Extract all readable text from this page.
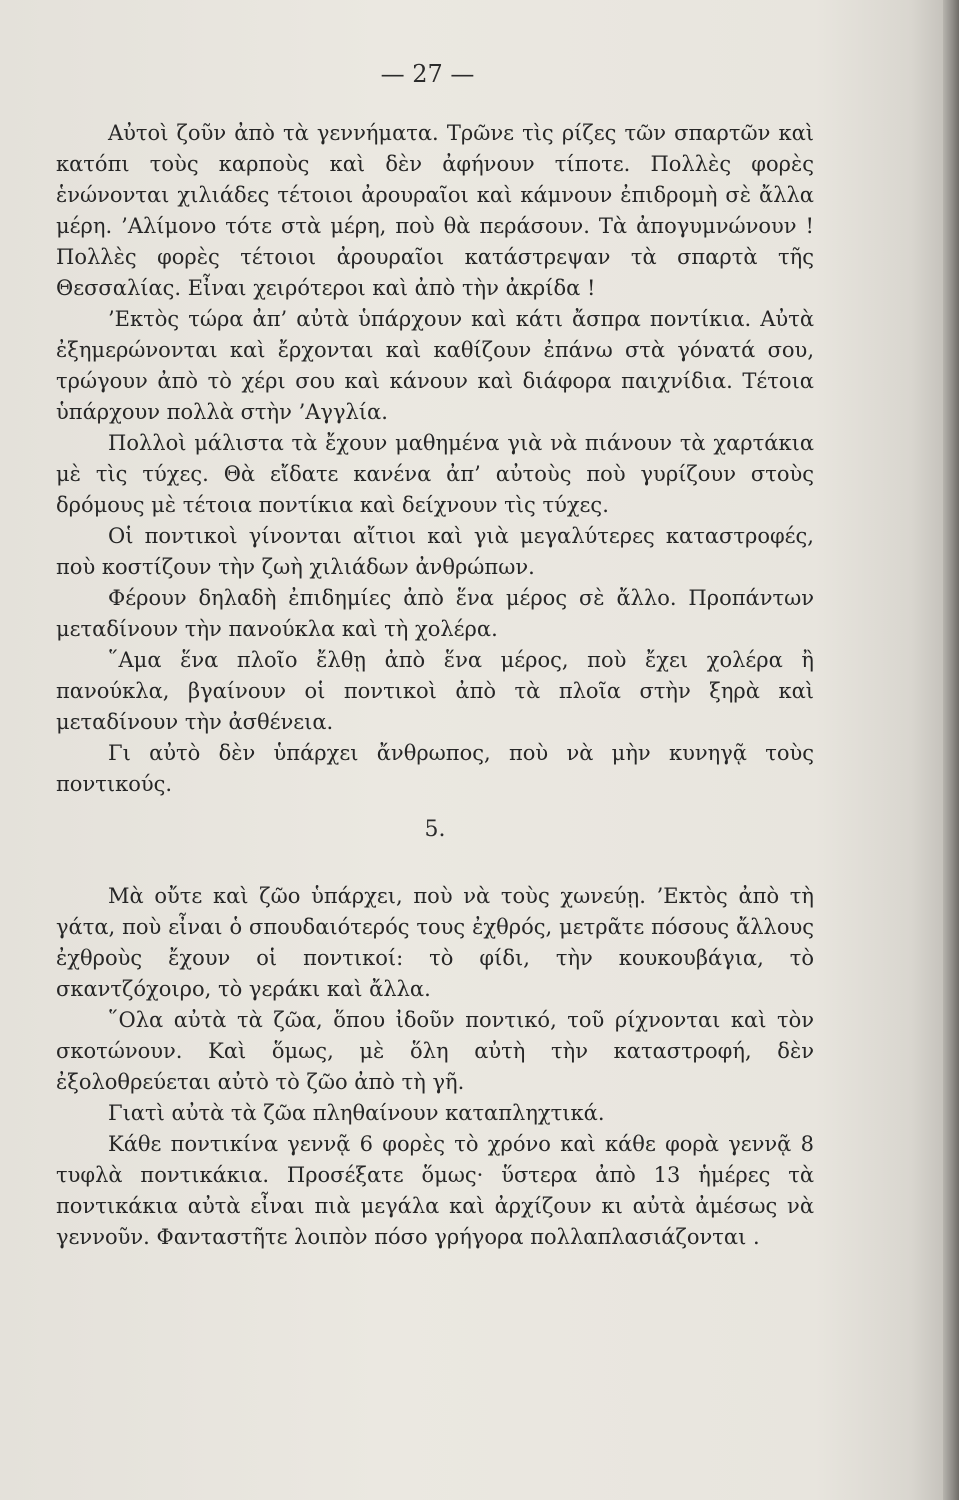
— 27 —

Αὐτοὶ ζοῦν ἀπὸ τὰ γεννήματα. Τρῶνε τὶς ρίζες τῶν σπαρτῶν καὶ κατόπι τοὺς καρποὺς καὶ δὲν ἀφήνουν τίποτε. Πολλὲς φορὲς ἑνώνονται χιλιάδες τέτοιοι ἀρουραῖοι καὶ κάμνουν ἐπιδρομὴ σὲ ἄλλα μέρη. ’Αλίμονο τότε στὰ μέρη, ποὺ θὰ περάσουν. Τὰ ἀπογυμνώνουν ! Πολλὲς φορὲς τέτοιοι ἀρουραῖοι κατάστρεψαν τὰ σπαρτὰ τῆς Θεσσαλίας. Εἶναι χειρότεροι καὶ ἀπὸ τὴν ἀκρίδα !

’Εκτὸς τώρα ἀπ’ αὐτὰ ὑπάρχουν καὶ κάτι ἄσπρα ποντίκια. Αὐτὰ ἐξημερώνονται καὶ ἔρχονται καὶ καθίζουν ἐπάνω στὰ γόνατά σου, τρώγουν ἀπὸ τὸ χέρι σου καὶ κάνουν καὶ διάφορα παιχνίδια. Τέτοια ὑπάρχουν πολλὰ στὴν ’Αγγλία.

Πολλοὶ μάλιστα τὰ ἔχουν μαθημένα γιὰ νὰ πιάνουν τὰ χαρτάκια μὲ τὶς τύχες. Θὰ εἴδατε κανένα ἀπ’ αὐτοὺς ποὺ γυρίζουν στοὺς δρόμους μὲ τέτοια ποντίκια καὶ δείχνουν τὶς τύχες.

Οἱ ποντικοὶ γίνονται αἴτιοι καὶ γιὰ μεγαλύτερες καταστροφές, ποὺ κοστίζουν τὴν ζωὴ χιλιάδων ἀνθρώπων.

Φέρουν δηλαδὴ ἐπιδημίες ἀπὸ ἕνα μέρος σὲ ἄλλο. Προπάντων μεταδίνουν τὴν πανούκλα καὶ τὴ χολέρα.

῞Αμα ἕνα πλοῖο ἔλθῃ ἀπὸ ἕνα μέρος, ποὺ ἔχει χολέρα ἢ πανούκλα, βγαίνουν οἱ ποντικοὶ ἀπὸ τὰ πλοῖα στὴν ξηρὰ καὶ μεταδίνουν τὴν ἀσθένεια.

Γι αὐτὸ δὲν ὑπάρχει ἄνθρωπος, ποὺ νὰ μὴν κυνηγᾷ τοὺς ποντικούς.

5.

Μὰ οὔτε καὶ ζῶο ὑπάρχει, ποὺ νὰ τοὺς χωνεύῃ. ’Εκτὸς ἀπὸ τὴ γάτα, ποὺ εἶναι ὁ σπουδαιότερός τους ἐχθρός, μετρᾶτε πόσους ἄλλους ἐχθροὺς ἔχουν οἱ ποντικοί: τὸ φίδι, τὴν κουκουβάγια, τὸ σκαντζόχοιρο, τὸ γεράκι καὶ ἄλλα.

῞Ολα αὐτὰ τὰ ζῶα, ὅπου ἰδοῦν ποντικό, τοῦ ρίχνονται καὶ τὸν σκοτώνουν. Καὶ ὅμως, μὲ ὅλη αὐτὴ τὴν καταστροφή, δὲν ἐξολοθρεύεται αὐτὸ τὸ ζῶο ἀπὸ τὴ γῆ.

Γιατὶ αὐτὰ τὰ ζῶα πληθαίνουν καταπληχτικά.

Κάθε ποντικίνα γεννᾷ 6 φορὲς τὸ χρόνο καὶ κάθε φορὰ γεννᾷ 8 τυφλὰ ποντικάκια. Προσέξατε ὅμως· ὕστερα ἀπὸ 13 ἡμέρες τὰ ποντικάκια αὐτὰ εἶναι πιὰ μεγάλα καὶ ἀρχίζουν κι αὐτὰ ἀμέσως νὰ γεννοῦν. Φανταστῆτε λοιπὸν πόσο γρήγορα πολλαπλασιάζονται .
